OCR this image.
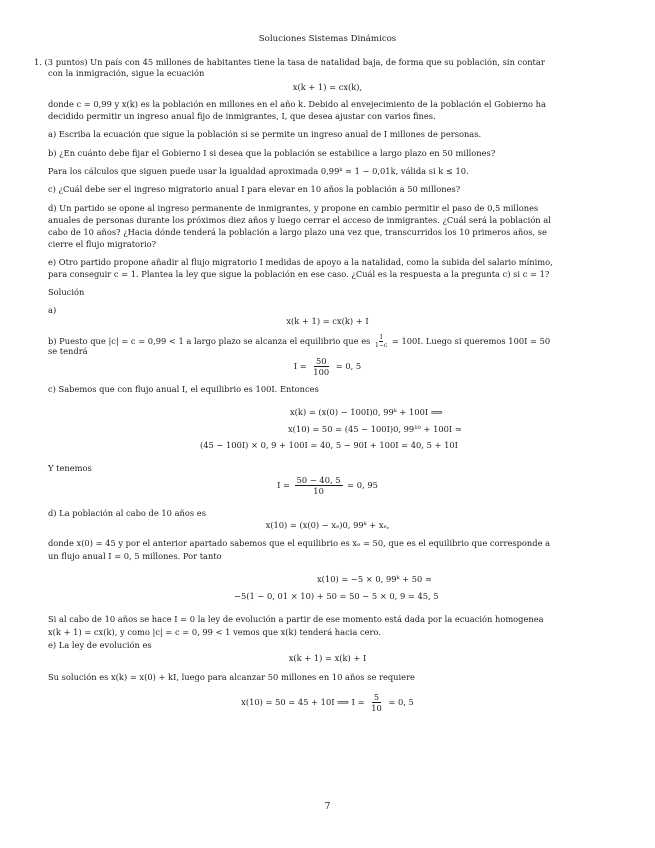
Soluciones Sistemas Dinámicos
1. (3 puntos) Un país con 45 millones de habitantes tiene la tasa de natalidad baja, de forma que su población, sin contar
con la inmigración, sigue la ecuación
x(k + 1) = cx(k),
donde c = 0,99 y x(k) es la población en millones en el año k. Debido al envejecimiento de la población el Gobierno ha
decidido permitir un ingreso anual fijo de inmigrantes, I, que desea ajustar con varios fines.
a) Escriba la ecuación que sigue la población si se permite un ingreso anual de I millones de personas.
b) ¿En cuánto debe fijar el Gobierno I si desea que la población se estabilice a largo plazo en 50 millones?
Para los cálculos que siguen puede usar la igualdad aproximada 0,99ᵏ ≃ 1 − 0,01k, válida si k ≤ 10.
c) ¿Cuál debe ser el ingreso migratorio anual I para elevar en 10 años la población a 50 millones?
d) Un partido se opone al ingreso permanente de inmigrantes, y propone en cambio permitir el paso de 0,5 millones
anuales de personas durante los próximos diez años y luego cerrar el acceso de inmigrantes. ¿Cuál será la población al
cabo de 10 años? ¿Hacia dónde tenderá la población a largo plazo una vez que, transcurridos los 10 primeros años, se
cierre el flujo migratorio?
e) Otro partido propone añadir al flujo migratorio I medidas de apoyo a la natalidad, como la subida del salario mínimo,
para conseguir c = 1. Plantea la ley que sigue la población en ese caso. ¿Cuál es la respuesta a la pregunta c) si c = 1?
Solución
a)
x(k + 1) = cx(k) + I
b) Puesto que |c| = c = 0,99 < 1 a largo plazo se alcanza el equilibrio que es $\frac{I}{1-c} = 100I$. Luego si queremos 100I = 50
se tendrá
$I = \frac{50}{100} = 0$, 5
c) Sabemos que con flujo anual I, el equilibrio es 100I. Entonces
x(k) = (x(0) − 100I)0, 99ᵏ + 100I ⟹
x(10) = 50 = (45 − 100I)0, 99¹⁰ + 100I ≃
(45 − 100I) × 0, 9 + 100I = 40, 5 − 90I + 100I = 40, 5 + 10I
Y tenemos
$I = \frac{50 - 40, 5}{10} = 0$, 95
d) La población al cabo de 10 años es
x(10) = (x(0) − xₑ)0, 99ᵏ + xₑ,
donde x(0) = 45 y por el anterior apartado sabemos que el equilibrio es xₑ = 50, que es el equilibrio que corresponde a
un flujo anual I = 0, 5 millones. Por tanto
x(10) = −5 × 0, 99ᵏ + 50 ≃
−5(1 − 0, 01 × 10) + 50 = 50 − 5 × 0, 9 = 45, 5
Si al cabo de 10 años se hace I = 0 la ley de evolución a partir de ese momento está dada por la ecuación homogenea
x(k + 1) = cx(k), y como |c| = c = 0, 99 < 1 vemos que x(k) tenderá hacia cero.
e) La ley de evolución es
x(k + 1) = x(k) + I
Su solución es x(k) = x(0) + kI, luego para alcanzar 50 millones en 10 años se requiere
x(10) = 50 = 45 + 10I ⟹ $I = \frac{5}{10} = 0$, 5
7
